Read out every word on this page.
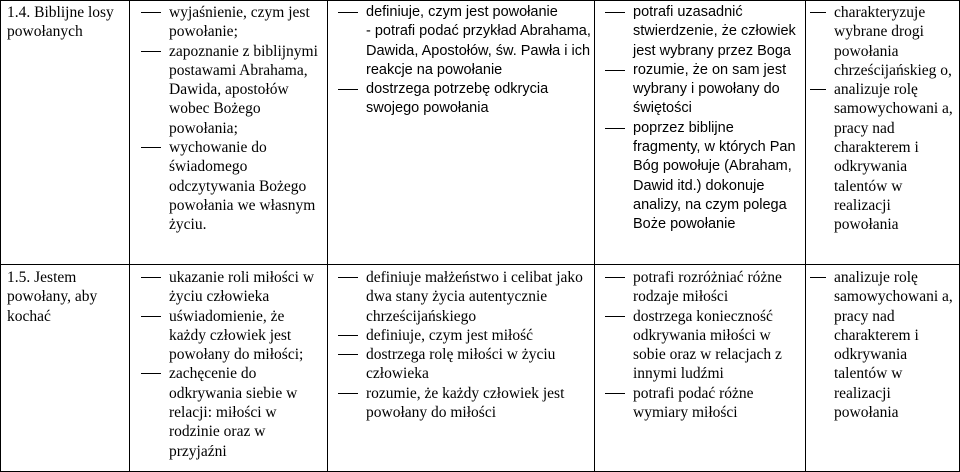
1.4. Biblijne losy powołanych
wyjaśnienie, czym jest powołanie;
zapoznanie z biblijnymi postawami Abrahama, Dawida, apostołów wobec Bożego powołania;
wychowanie do świadomego odczytywania Bożego powołania we własnym życiu.
definiuje, czym jest powołanie
- potrafi podać przykład Abrahama, Dawida, Apostołów, św. Pawła i ich reakcje na powołanie
dostrzega potrzebę odkrycia swojego powołania
potrafi uzasadnić stwierdzenie, że człowiek jest wybrany przez Boga
rozumie, że on sam jest wybrany i powołany do świętości
poprzez biblijne fragmenty, w których Pan Bóg powołuje (Abraham, Dawid itd.) dokonuje analizy, na czym polega Boże powołanie
charakteryzuje wybrane drogi powołania chrześcijańskieg o,
analizuje rolę samowychowani a, pracy nad charakterem i odkrywania talentów w realizacji powołania
1.5. Jestem powołany, aby kochać
ukazanie roli miłości w życiu człowieka
uświadomienie, że każdy człowiek jest powołany do miłości;
zachęcenie do odkrywania siebie w relacji: miłości w rodzinie oraz w przyjaźni
definiuje małżeństwo i celibat jako dwa stany życia autentycznie chrześcijańskiego
definiuje, czym jest miłość
dostrzega rolę miłości w życiu człowieka
rozumie, że każdy człowiek jest powołany do miłości
potrafi rozróżniać różne rodzaje miłości
dostrzega konieczność odkrywania miłości w sobie oraz w relacjach z innymi ludźmi
potrafi podać różne wymiary miłości
analizuje rolę samowychowani a, pracy nad charakterem i odkrywania talentów w realizacji powołania
